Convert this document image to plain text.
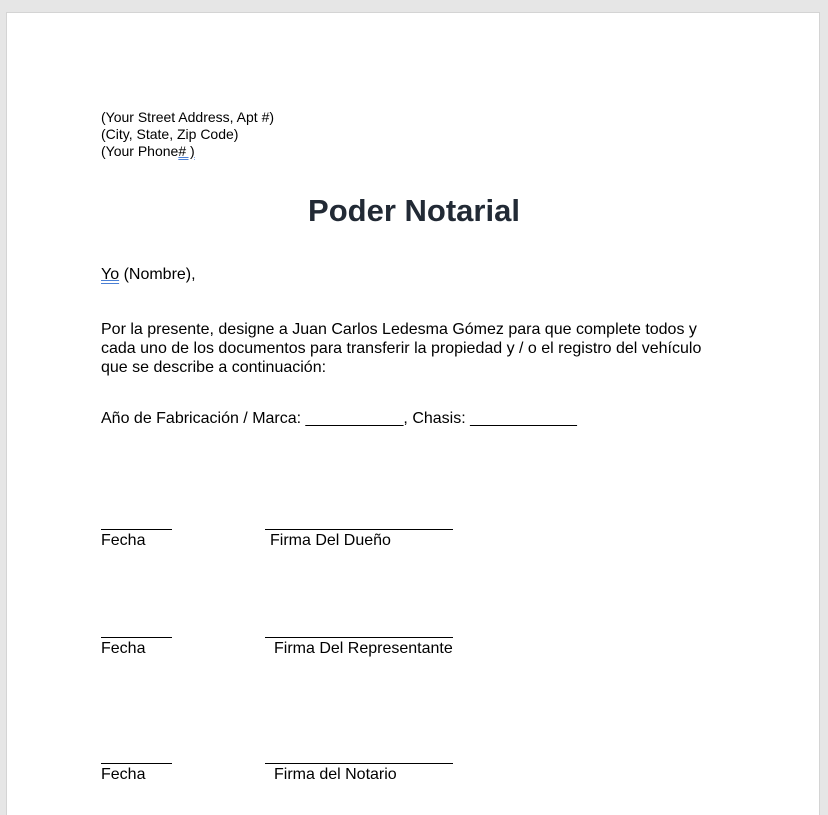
(Your Street Address, Apt #)
(City, State, Zip Code)
(Your Phone# )
Poder Notarial
Yo (Nombre),
Por la presente, designe a Juan Carlos Ledesma Gómez para que complete todos y cada uno de los documentos para transferir la propiedad y / o el registro del vehículo que se describe a continuación:
Año de Fabricación / Marca: ___________, Chasis: ____________
Fecha	Firma Del Dueño
Fecha	Firma Del Representante
Fecha	Firma del Notario
